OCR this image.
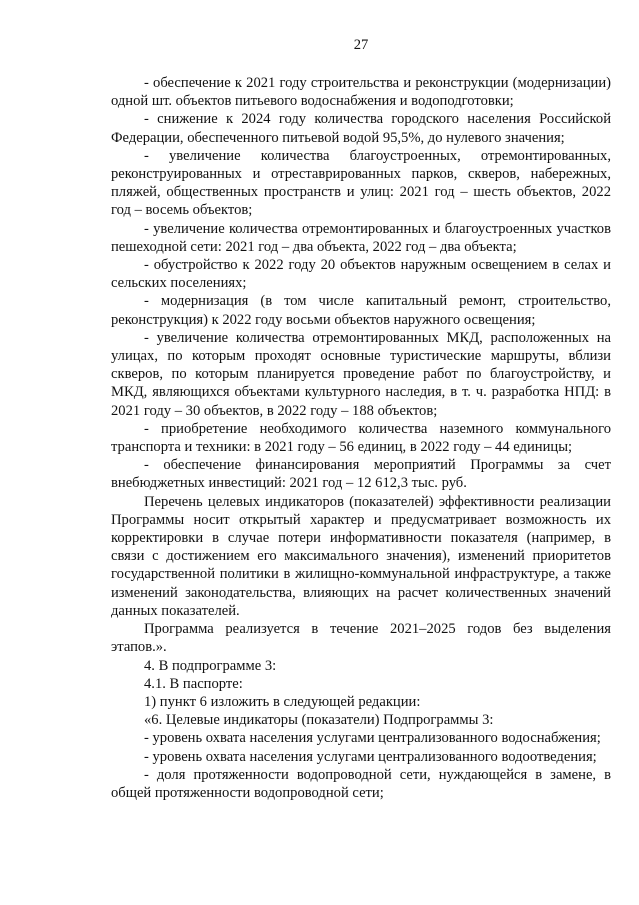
27

- обеспечение к 2021 году строительства и реконструкции (модернизации) одной шт. объектов питьевого водоснабжения и водоподготовки;

- снижение к 2024 году количества городского населения Российской Федерации, обеспеченного питьевой водой 95,5%, до нулевого значения;

- увеличение количества благоустроенных, отремонтированных, реконструированных и отреставрированных парков, скверов, набережных, пляжей, общественных пространств и улиц: 2021 год – шесть объектов, 2022 год – восемь объектов;

- увеличение количества отремонтированных и благоустроенных участков пешеходной сети: 2021 год – два объекта, 2022 год – два объекта;

- обустройство к 2022 году 20 объектов наружным освещением в селах и сельских поселениях;

- модернизация (в том числе капитальный ремонт, строительство, реконструкция) к 2022 году восьми объектов наружного освещения;

- увеличение количества отремонтированных МКД, расположенных на улицах, по которым проходят основные туристические маршруты, вблизи скверов, по которым планируется проведение работ по благоустройству, и МКД, являющихся объектами культурного наследия, в т. ч. разработка НПД: в 2021 году – 30 объектов, в 2022 году – 188 объектов;

- приобретение необходимого количества наземного коммунального транспорта и техники: в 2021 году – 56 единиц, в 2022 году – 44 единицы;

- обеспечение финансирования мероприятий Программы за счет внебюджетных инвестиций: 2021 год – 12 612,3 тыс. руб.

Перечень целевых индикаторов (показателей) эффективности реализации Программы носит открытый характер и предусматривает возможность их корректировки в случае потери информативности показателя (например, в связи с достижением его максимального значения), изменений приоритетов государственной политики в жилищно-коммунальной инфраструктуре, а также изменений законодательства, влияющих на расчет количественных значений данных показателей.

Программа реализуется в течение 2021–2025 годов без выделения этапов.».

4. В подпрограмме 3:

4.1. В паспорте:

1) пункт 6 изложить в следующей редакции:

«6. Целевые индикаторы (показатели) Подпрограммы 3:

- уровень охвата населения услугами централизованного водоснабжения;

- уровень охвата населения услугами централизованного водоотведения;

- доля протяженности водопроводной сети, нуждающейся в замене, в общей протяженности водопроводной сети;
